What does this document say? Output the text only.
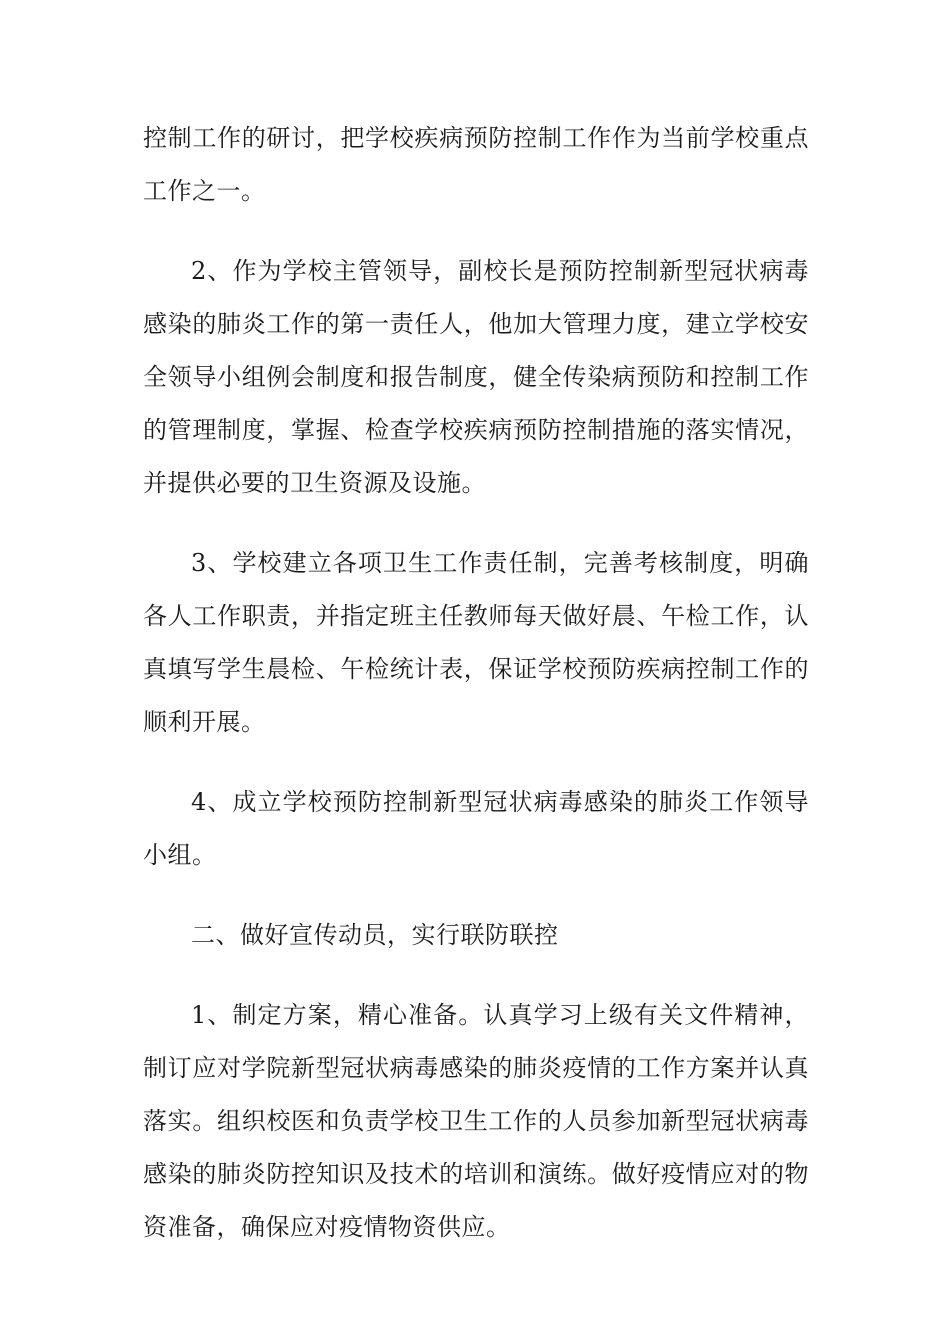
控制工作的研讨，把学校疾病预防控制工作作为当前学校重点工作之一。

2、作为学校主管领导，副校长是预防控制新型冠状病毒感染的肺炎工作的第一责任人，他加大管理力度，建立学校安全领导小组例会制度和报告制度，健全传染病预防和控制工作的管理制度，掌握、检查学校疾病预防控制措施的落实情况，并提供必要的卫生资源及设施。

3、学校建立各项卫生工作责任制，完善考核制度，明确各人工作职责，并指定班主任教师每天做好晨、午检工作，认真填写学生晨检、午检统计表，保证学校预防疾病控制工作的顺利开展。

4、成立学校预防控制新型冠状病毒感染的肺炎工作领导小组。

二、做好宣传动员，实行联防联控

1、制定方案，精心准备。认真学习上级有关文件精神，制订应对学院新型冠状病毒感染的肺炎疫情的工作方案并认真落实。组织校医和负责学校卫生工作的人员参加新型冠状病毒感染的肺炎防控知识及技术的培训和演练。做好疫情应对的物资准备，确保应对疫情物资供应。
